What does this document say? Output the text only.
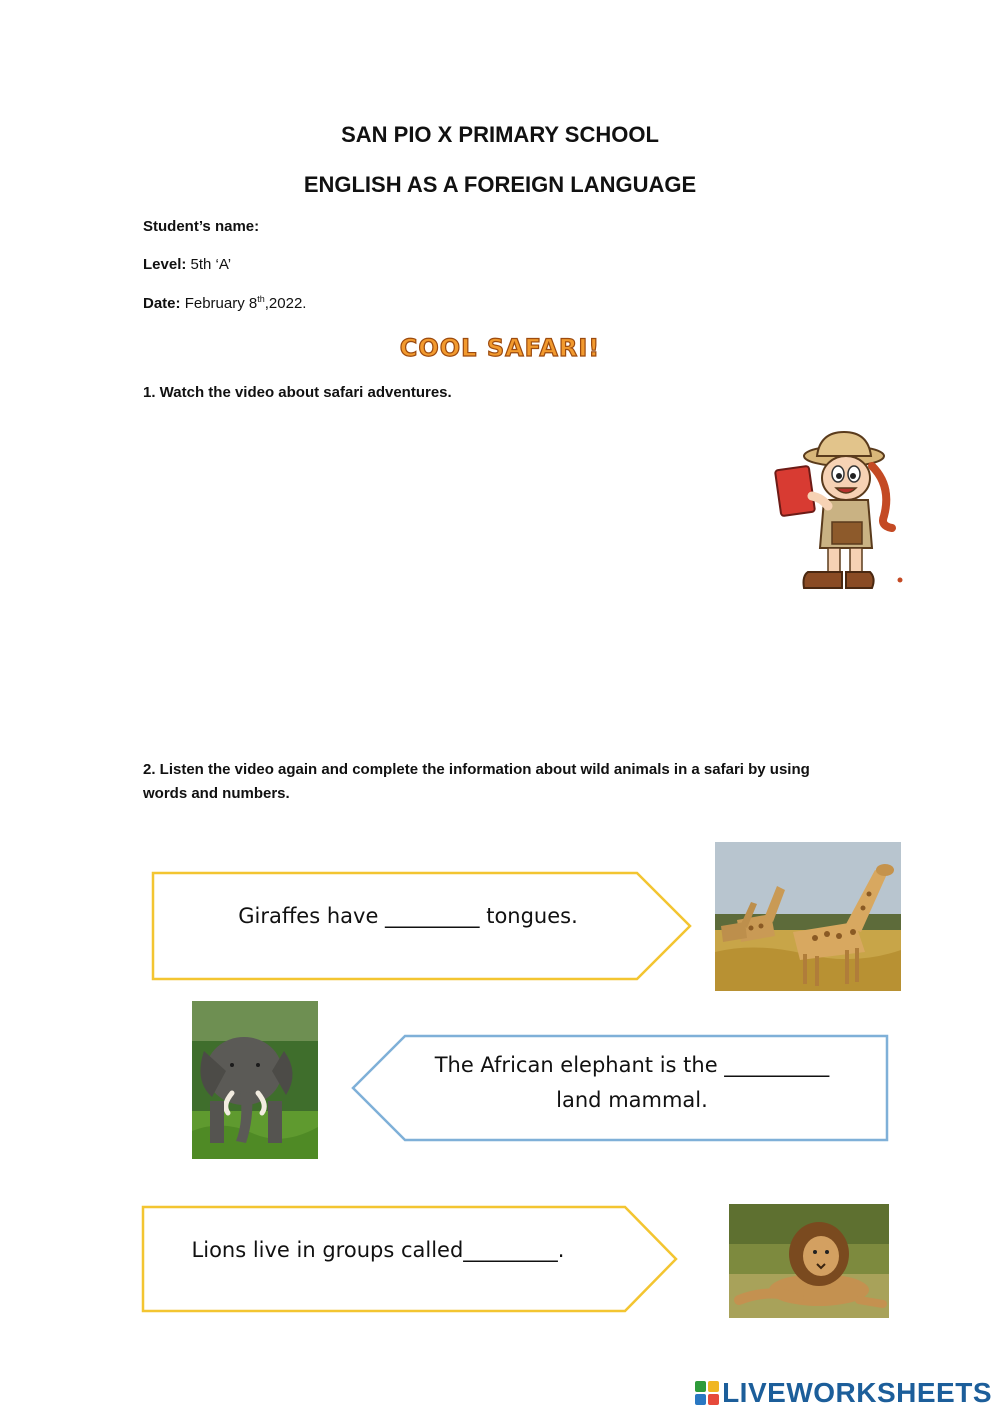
SAN PIO X PRIMARY SCHOOL
ENGLISH AS A FOREIGN LANGUAGE
Student’s name:
Level: 5th ‘A’
Date: February 8th,2022.
COOL SAFARI!
1. Watch the video about safari adventures.
2. Listen the video again and complete the information about wild animals in a safari by using words and numbers.
Giraffes have _________ tongues.
The African elephant is the __________
land mammal.
Lions live in groups called_________.
LIVEWORKSHEETS
